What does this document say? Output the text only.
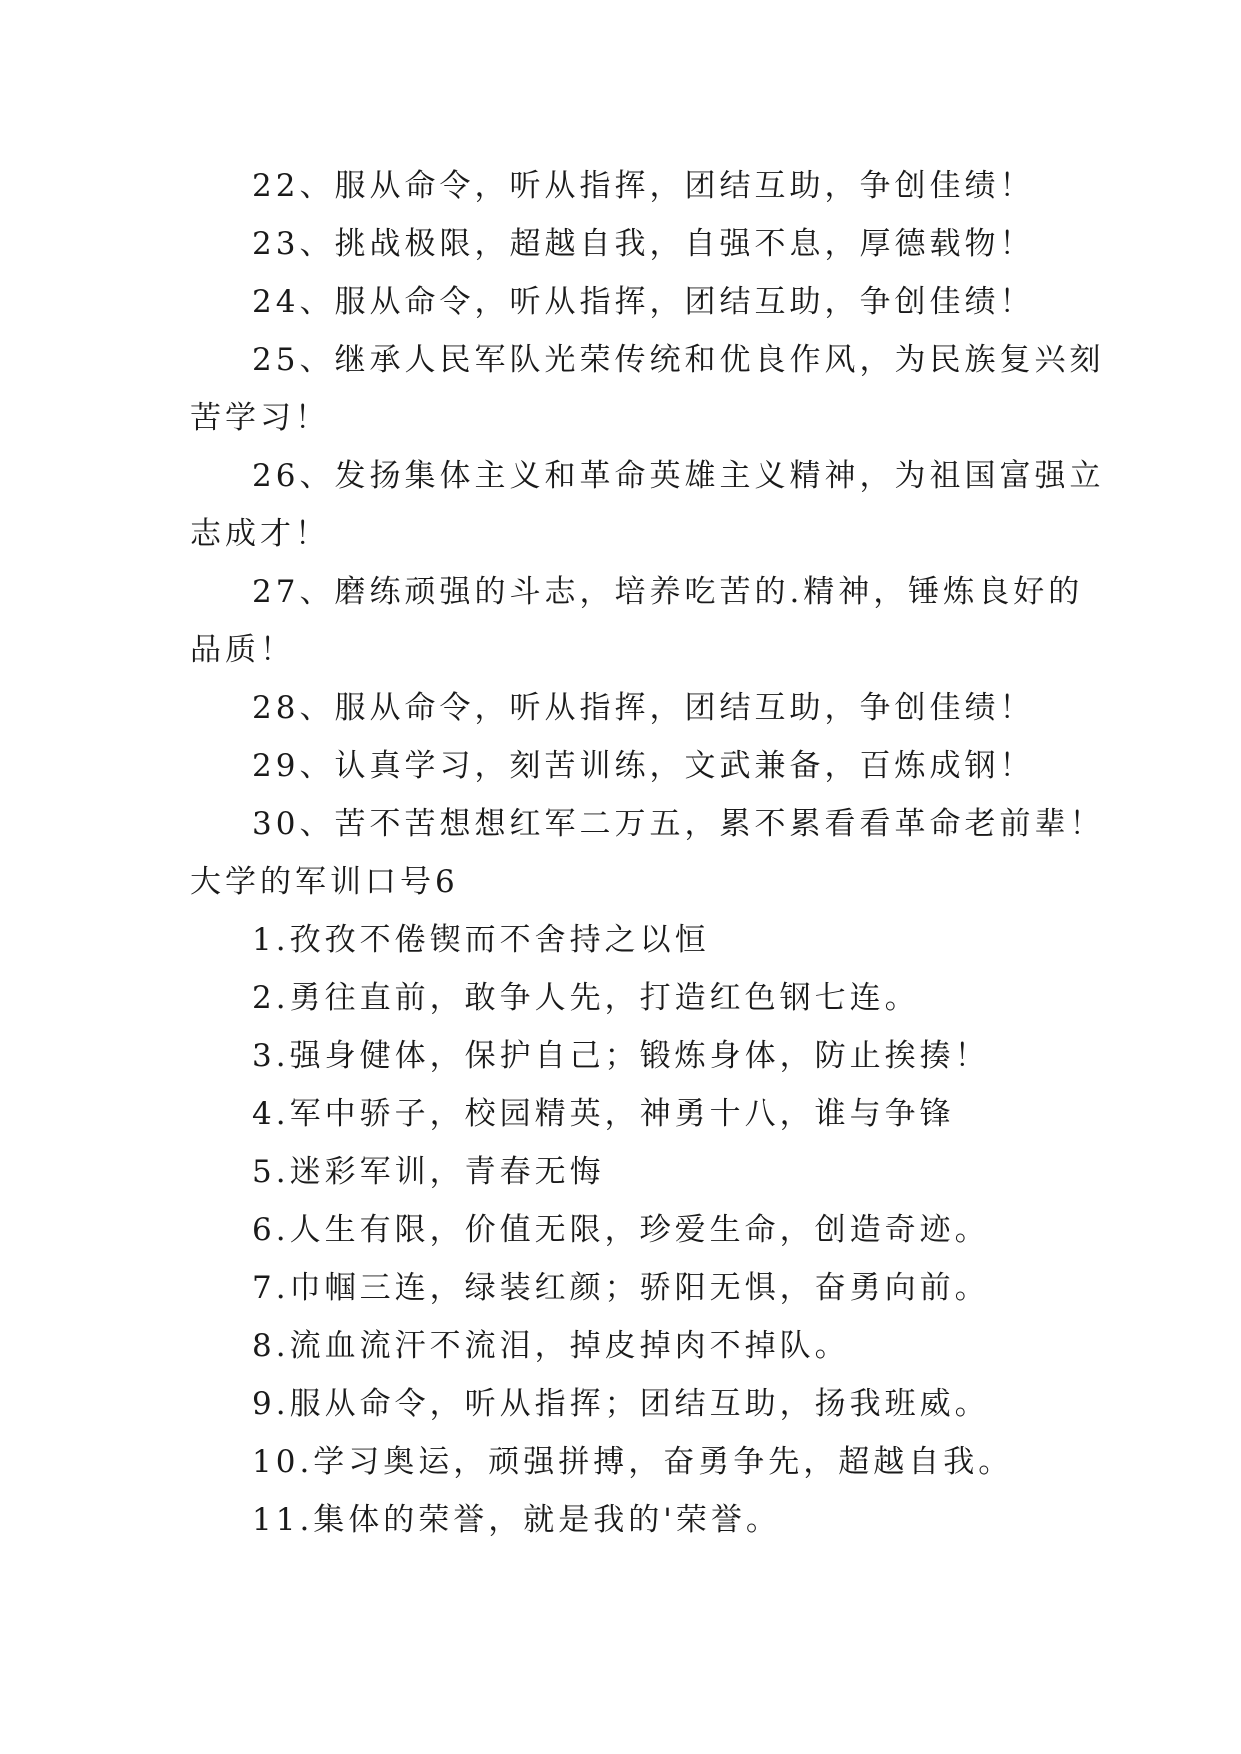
22、服从命令，听从指挥，团结互助，争创佳绩！
23、挑战极限，超越自我，自强不息，厚德载物！
24、服从命令，听从指挥，团结互助，争创佳绩！
25、继承人民军队光荣传统和优良作风，为民族复兴刻
苦学习！
26、发扬集体主义和革命英雄主义精神，为祖国富强立
志成才！
27、磨练顽强的斗志，培养吃苦的.精神，锤炼良好的
品质！
28、服从命令，听从指挥，团结互助，争创佳绩！
29、认真学习，刻苦训练，文武兼备，百炼成钢！
30、苦不苦想想红军二万五，累不累看看革命老前辈！
大学的军训口号6
1.孜孜不倦锲而不舍持之以恒
2.勇往直前，敢争人先，打造红色钢七连。
3.强身健体，保护自己；锻炼身体，防止挨揍！
4.军中骄子，校园精英，神勇十八，谁与争锋
5.迷彩军训，青春无悔
6.人生有限，价值无限，珍爱生命，创造奇迹。
7.巾帼三连，绿装红颜；骄阳无惧，奋勇向前。
8.流血流汗不流泪，掉皮掉肉不掉队。
9.服从命令，听从指挥；团结互助，扬我班威。
10.学习奥运，顽强拼搏，奋勇争先，超越自我。
11.集体的荣誉，就是我的'荣誉。
